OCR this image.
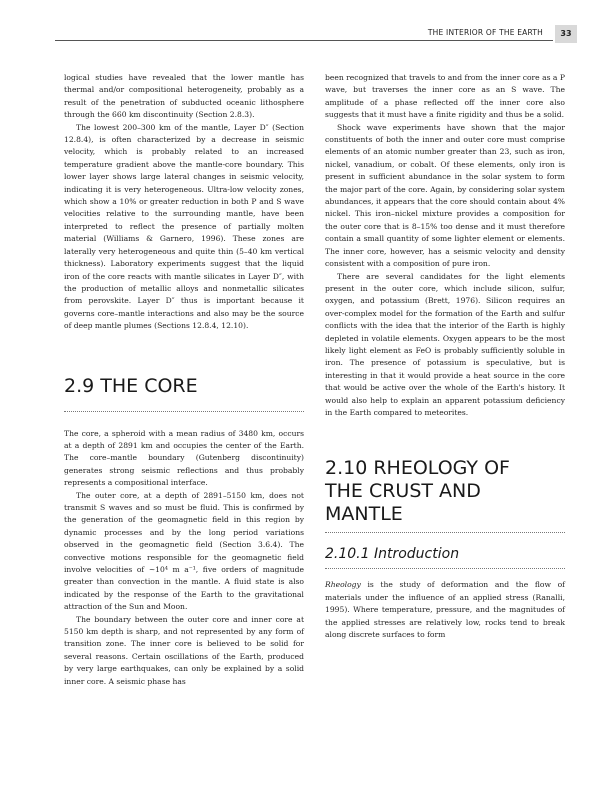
THE INTERIOR OF THE EARTH	33

logical studies have revealed that the lower mantle has thermal and/or compositional heterogeneity, probably as a result of the penetration of subducted oceanic lithosphere through the 660 km discontinuity (Section 2.8.3).

The lowest 200–300 km of the mantle, Layer D″ (Section 12.8.4), is often characterized by a decrease in seismic velocity, which is probably related to an increased temperature gradient above the mantle-core boundary. This lower layer shows large lateral changes in seismic velocity, indicating it is very heterogeneous. Ultra-low velocity zones, which show a 10% or greater reduction in both P and S wave velocities relative to the surrounding mantle, have been interpreted to reflect the presence of partially molten material (Williams & Garnero, 1996). These zones are laterally very heterogeneous and quite thin (5–40 km vertical thickness). Laboratory experiments suggest that the liquid iron of the core reacts with mantle silicates in Layer D″, with the production of metallic alloys and nonmetallic silicates from perovskite. Layer D″ thus is important because it governs core–mantle interactions and also may be the source of deep mantle plumes (Sections 12.8.4, 12.10).

2.9 THE CORE

The core, a spheroid with a mean radius of 3480 km, occurs at a depth of 2891 km and occupies the center of the Earth. The core–mantle boundary (Gutenberg discontinuity) generates strong seismic reflections and thus probably represents a compositional interface.

The outer core, at a depth of 2891–5150 km, does not transmit S waves and so must be fluid. This is confirmed by the generation of the geomagnetic field in this region by dynamic processes and by the long period variations observed in the geomagnetic field (Section 3.6.4). The convective motions responsible for the geomagnetic field involve velocities of ~10⁴ m a⁻¹, five orders of magnitude greater than convection in the mantle. A fluid state is also indicated by the response of the Earth to the gravitational attraction of the Sun and Moon.

The boundary between the outer core and inner core at 5150 km depth is sharp, and not represented by any form of transition zone. The inner core is believed to be solid for several reasons. Certain oscillations of the Earth, produced by very large earthquakes, can only be explained by a solid inner core. A seismic phase has

been recognized that travels to and from the inner core as a P wave, but traverses the inner core as an S wave. The amplitude of a phase reflected off the inner core also suggests that it must have a finite rigidity and thus be a solid.

Shock wave experiments have shown that the major constituents of both the inner and outer core must comprise elements of an atomic number greater than 23, such as iron, nickel, vanadium, or cobalt. Of these elements, only iron is present in sufficient abundance in the solar system to form the major part of the core. Again, by considering solar system abundances, it appears that the core should contain about 4% nickel. This iron–nickel mixture provides a composition for the outer core that is 8–15% too dense and it must therefore contain a small quantity of some lighter element or elements. The inner core, however, has a seismic velocity and density consistent with a composition of pure iron.

There are several candidates for the light elements present in the outer core, which include silicon, sulfur, oxygen, and potassium (Brett, 1976). Silicon requires an over-complex model for the formation of the Earth and sulfur conflicts with the idea that the interior of the Earth is highly depleted in volatile elements. Oxygen appears to be the most likely light element as FeO is probably sufficiently soluble in iron. The presence of potassium is speculative, but is interesting in that it would provide a heat source in the core that would be active over the whole of the Earth's history. It would also help to explain an apparent potassium deficiency in the Earth compared to meteorites.

2.10 RHEOLOGY OF THE CRUST AND MANTLE
2.10.1 Introduction

Rheology is the study of deformation and the flow of materials under the influence of an applied stress (Ranalli, 1995). Where temperature, pressure, and the magnitudes of the applied stresses are relatively low, rocks tend to break along discrete surfaces to form
